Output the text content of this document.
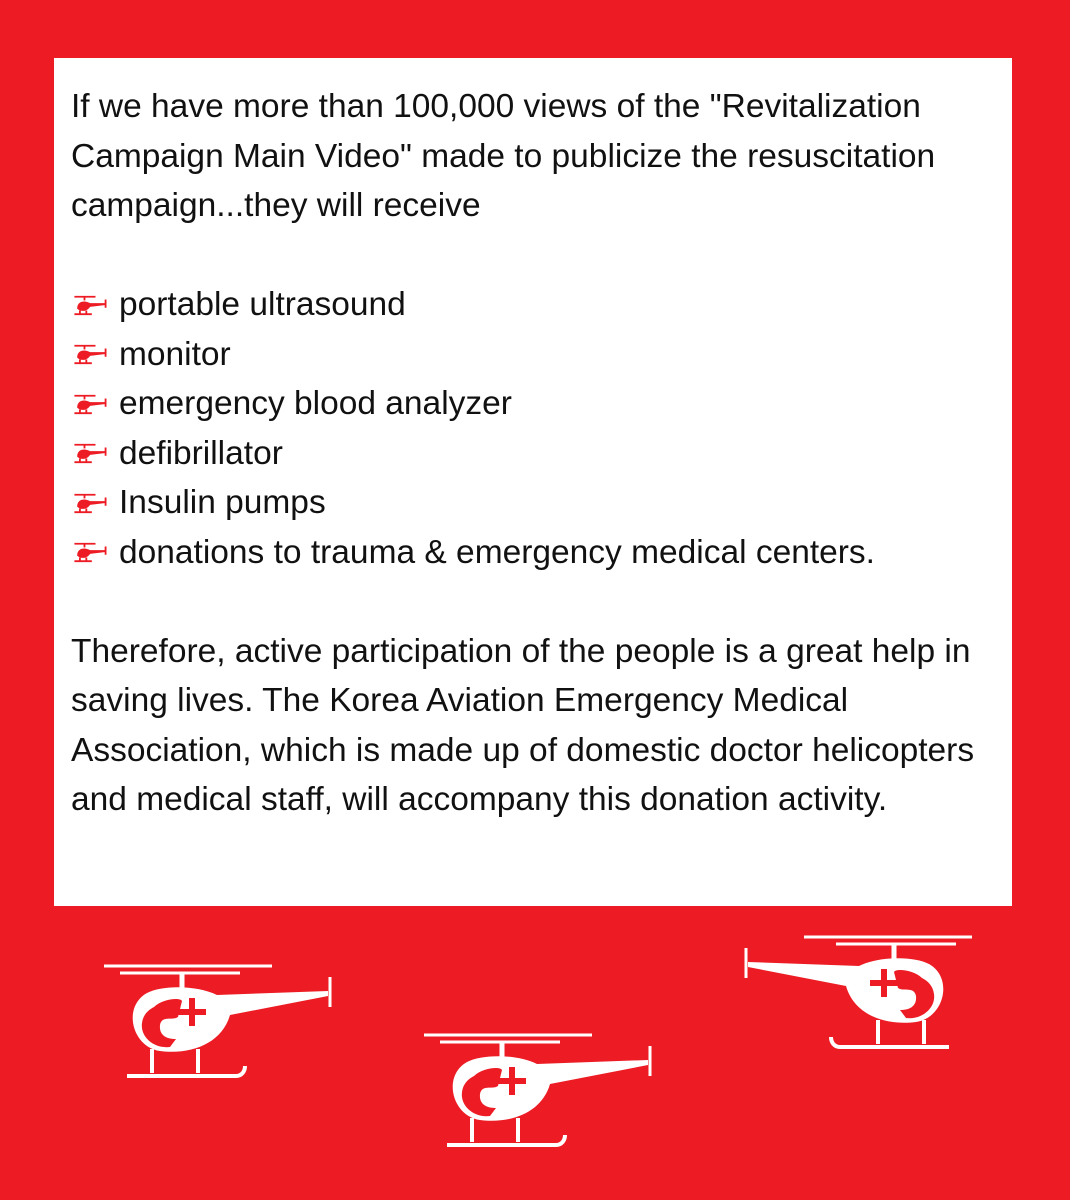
If we have more than 100,000 views of the "Revitalization Campaign Main Video" made to publicize the resuscitation campaign...they will receive

portable ultrasound
monitor
emergency blood analyzer
defibrillator
Insulin pumps
donations to trauma & emergency medical centers.

Therefore, active participation of the people is a great help in saving lives. The Korea Aviation Emergency Medical Association, which is made up of domestic doctor helicopters and medical staff, will accompany this donation activity.
